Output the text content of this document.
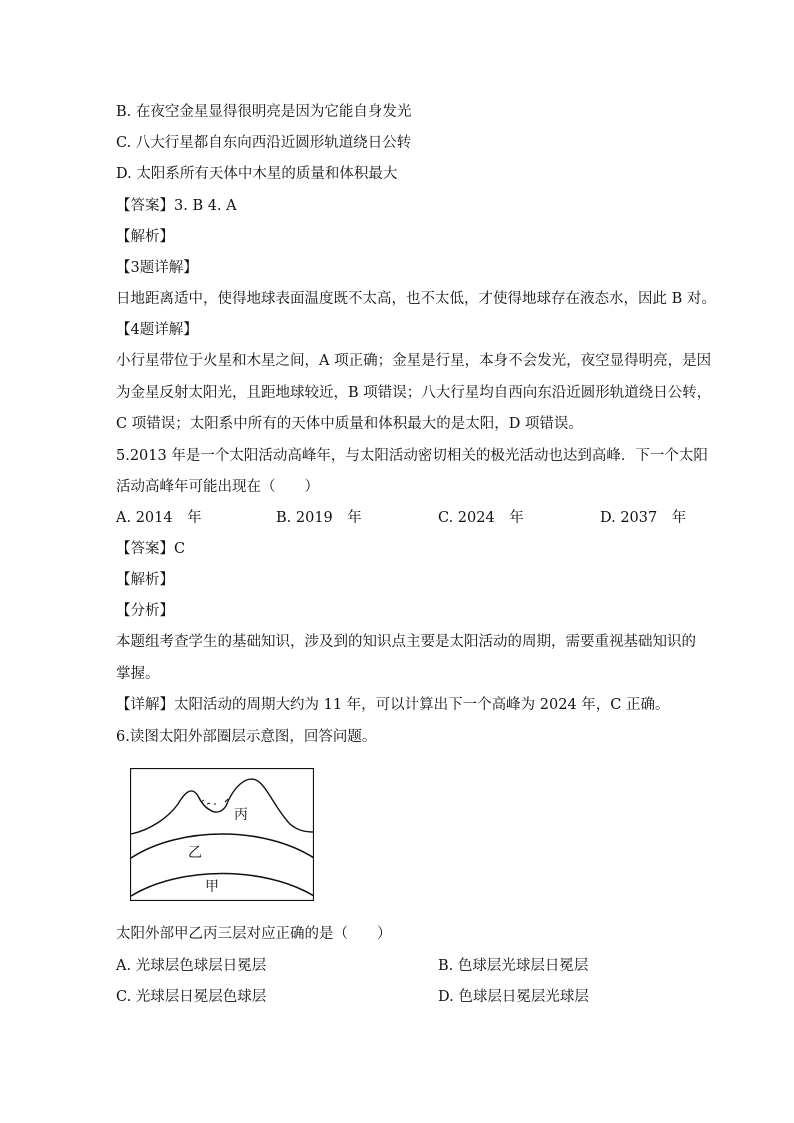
B. 在夜空金星显得很明亮是因为它能自身发光
C. 八大行星都自东向西沿近圆形轨道绕日公转
D. 太阳系所有天体中木星的质量和体积最大
【答案】3. B 4. A
【解析】
【3题详解】
日地距离适中，使得地球表面温度既不太高，也不太低，才使得地球存在液态水，因此 B 对。
【4题详解】
小行星带位于火星和木星之间，A 项正确；金星是行星，本身不会发光，夜空显得明亮，是因
为金星反射太阳光，且距地球较近，B 项错误；八大行星均自西向东沿近圆形轨道绕日公转，
C 项错误；太阳系中所有的天体中质量和体积最大的是太阳，D 项错误。
5.2013 年是一个太阳活动高峰年，与太阳活动密切相关的极光活动也达到高峰．下一个太阳
活动高峰年可能出现在（　　）
A. 2014　年	B. 2019　年	C. 2024　年	D. 2037　年
【答案】C
【解析】
【分析】
本题组考查学生的基础知识，涉及到的知识点主要是太阳活动的周期，需要重视基础知识的
掌握。
【详解】太阳活动的周期大约为 11 年，可以计算出下一个高峰为 2024 年，C 正确。
6.读图太阳外部圈层示意图，回答问题。
丙
乙
甲
太阳外部甲乙丙三层对应正确的是（　　）
A. 光球层色球层日冕层	B. 色球层光球层日冕层
C. 光球层日冕层色球层	D. 色球层日冕层光球层
